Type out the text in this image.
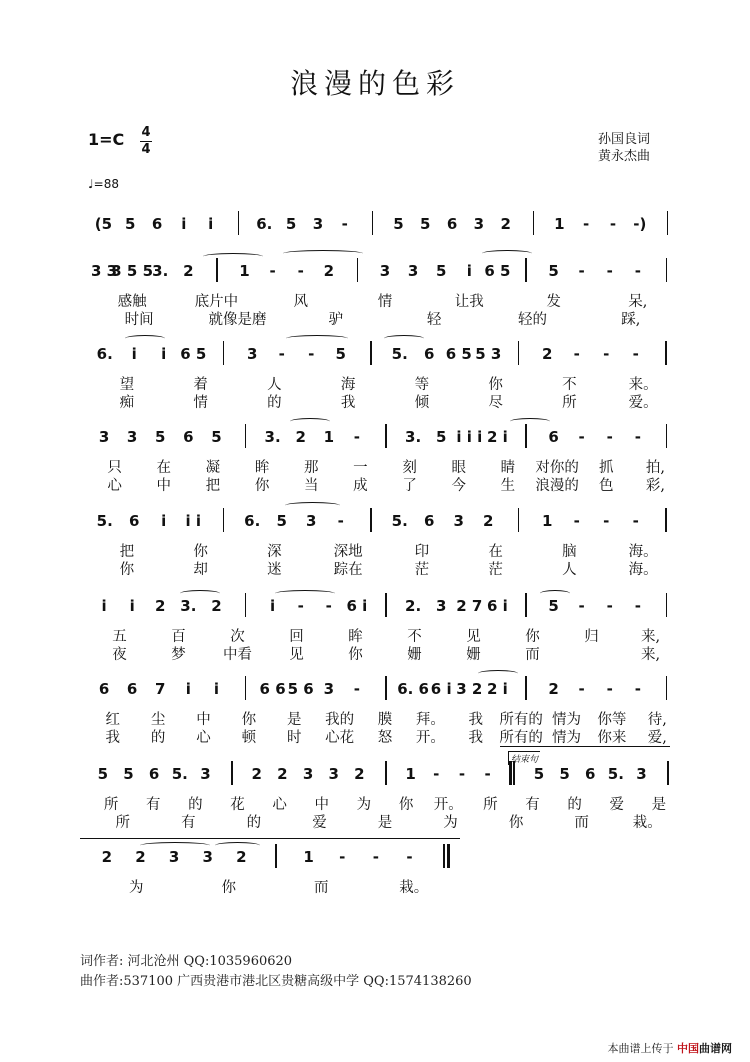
浪漫的色彩
1=C 4
4
♩=88
孙国良词
黄永杰曲
(5 5 6 i i	6. 5 3 -	5 5 6 3 2	1 - - -)
3 3
3 5 5 3. 2	1 - - 2	3 3 5 i 6 5	5 - - -
感触	底片中	风	情	让我	发	呆,
时间	就像是磨	驴	轻	轻的	踩,
6. i i 6 5	3 - - 5	5. 6 6 5 5 3	2 - - -
望	着	人	海	等	你	不	来。
痴	情	的	我	倾	尽	所	爱。
3 3 5 6 5	3. 2 1 -	3. 5 i i i 2 i	6 - - -
只 在 凝 眸 那 一 刻 眼 睛 对你的 抓 拍,
心 中 把 你 当 成 了 今 生 浪漫的 色 彩,
5. 6 i i i	6. 5 3 -	5. 6 3 2	1 - - -
把	你	深	深地	印	在	脑	海。
你	却	迷	踪在	茫	茫	人	海。
i i 2 3. 2	i - - 6 i	2. 3 2 7 6 i	5 - - -
五	百	次	回	眸	不	见	你	归	来,
夜	梦	中看	见	你	姗	姗	而	来,
6 6 7 i i	6 6 5 6 3 - 6. 6 6 i 3 2 2 i	2 - - -
红 尘 中 你 是 我的 膜 拜。 我 所有的 情为 你等 待,
我 的 心 顿 时 心花 怒 开。 我 所有的 情为 你来 爱,
5 5 6 5. 3	2 2 3 3 2	1 - - -	5 5 6 5. 3
所 有 的 花 心 中 为 你 开。 所 有 的 爱 是
所	有	的	爱	是	为	你	而	栽。
结束句
2 2 3 3 2	1 - - -
为	你	而	栽。
词作者: 河北沧州 QQ:1035960620
曲作者:537100 广西贵港市港北区贵糖高级中学 QQ:1574138260
本曲谱上传于 中国曲谱网
